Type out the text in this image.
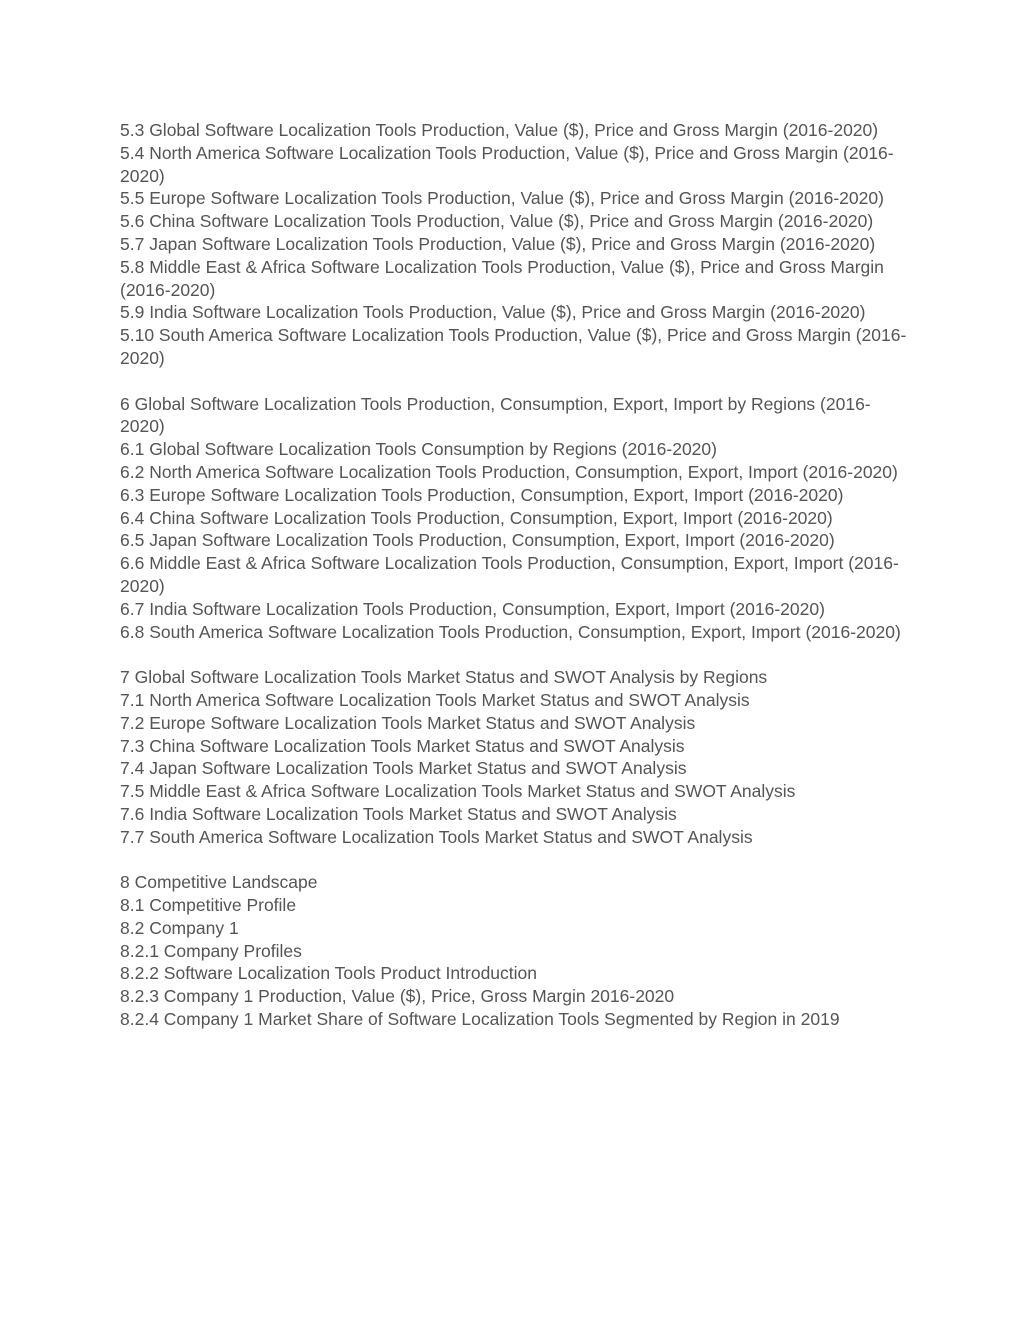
5.3 Global Software Localization Tools Production, Value ($), Price and Gross Margin (2016-2020)

5.4 North America Software Localization Tools Production, Value ($), Price and Gross Margin (2016-2020)

5.5 Europe Software Localization Tools Production, Value ($), Price and Gross Margin (2016-2020)

5.6 China Software Localization Tools Production, Value ($), Price and Gross Margin (2016-2020)

5.7 Japan Software Localization Tools Production, Value ($), Price and Gross Margin (2016-2020)

5.8 Middle East & Africa Software Localization Tools Production, Value ($), Price and Gross Margin (2016-2020)

5.9 India Software Localization Tools Production, Value ($), Price and Gross Margin (2016-2020)

5.10 South America Software Localization Tools Production, Value ($), Price and Gross Margin (2016-2020)

6 Global Software Localization Tools Production, Consumption, Export, Import by Regions (2016-2020)

6.1 Global Software Localization Tools Consumption by Regions (2016-2020)

6.2 North America Software Localization Tools Production, Consumption, Export, Import (2016-2020)

6.3 Europe Software Localization Tools Production, Consumption, Export, Import (2016-2020)

6.4 China Software Localization Tools Production, Consumption, Export, Import (2016-2020)

6.5 Japan Software Localization Tools Production, Consumption, Export, Import (2016-2020)

6.6 Middle East & Africa Software Localization Tools Production, Consumption, Export, Import (2016-2020)

6.7 India Software Localization Tools Production, Consumption, Export, Import (2016-2020)

6.8 South America Software Localization Tools Production, Consumption, Export, Import (2016-2020)

7 Global Software Localization Tools Market Status and SWOT Analysis by Regions

7.1 North America Software Localization Tools Market Status and SWOT Analysis

7.2 Europe Software Localization Tools Market Status and SWOT Analysis

7.3 China Software Localization Tools Market Status and SWOT Analysis

7.4 Japan Software Localization Tools Market Status and SWOT Analysis

7.5 Middle East & Africa Software Localization Tools Market Status and SWOT Analysis

7.6 India Software Localization Tools Market Status and SWOT Analysis

7.7 South America Software Localization Tools Market Status and SWOT Analysis

8 Competitive Landscape

8.1 Competitive Profile

8.2 Company 1

8.2.1 Company Profiles

8.2.2 Software Localization Tools Product Introduction

8.2.3 Company 1 Production, Value ($), Price, Gross Margin 2016-2020

8.2.4 Company 1 Market Share of Software Localization Tools Segmented by Region in 2019
